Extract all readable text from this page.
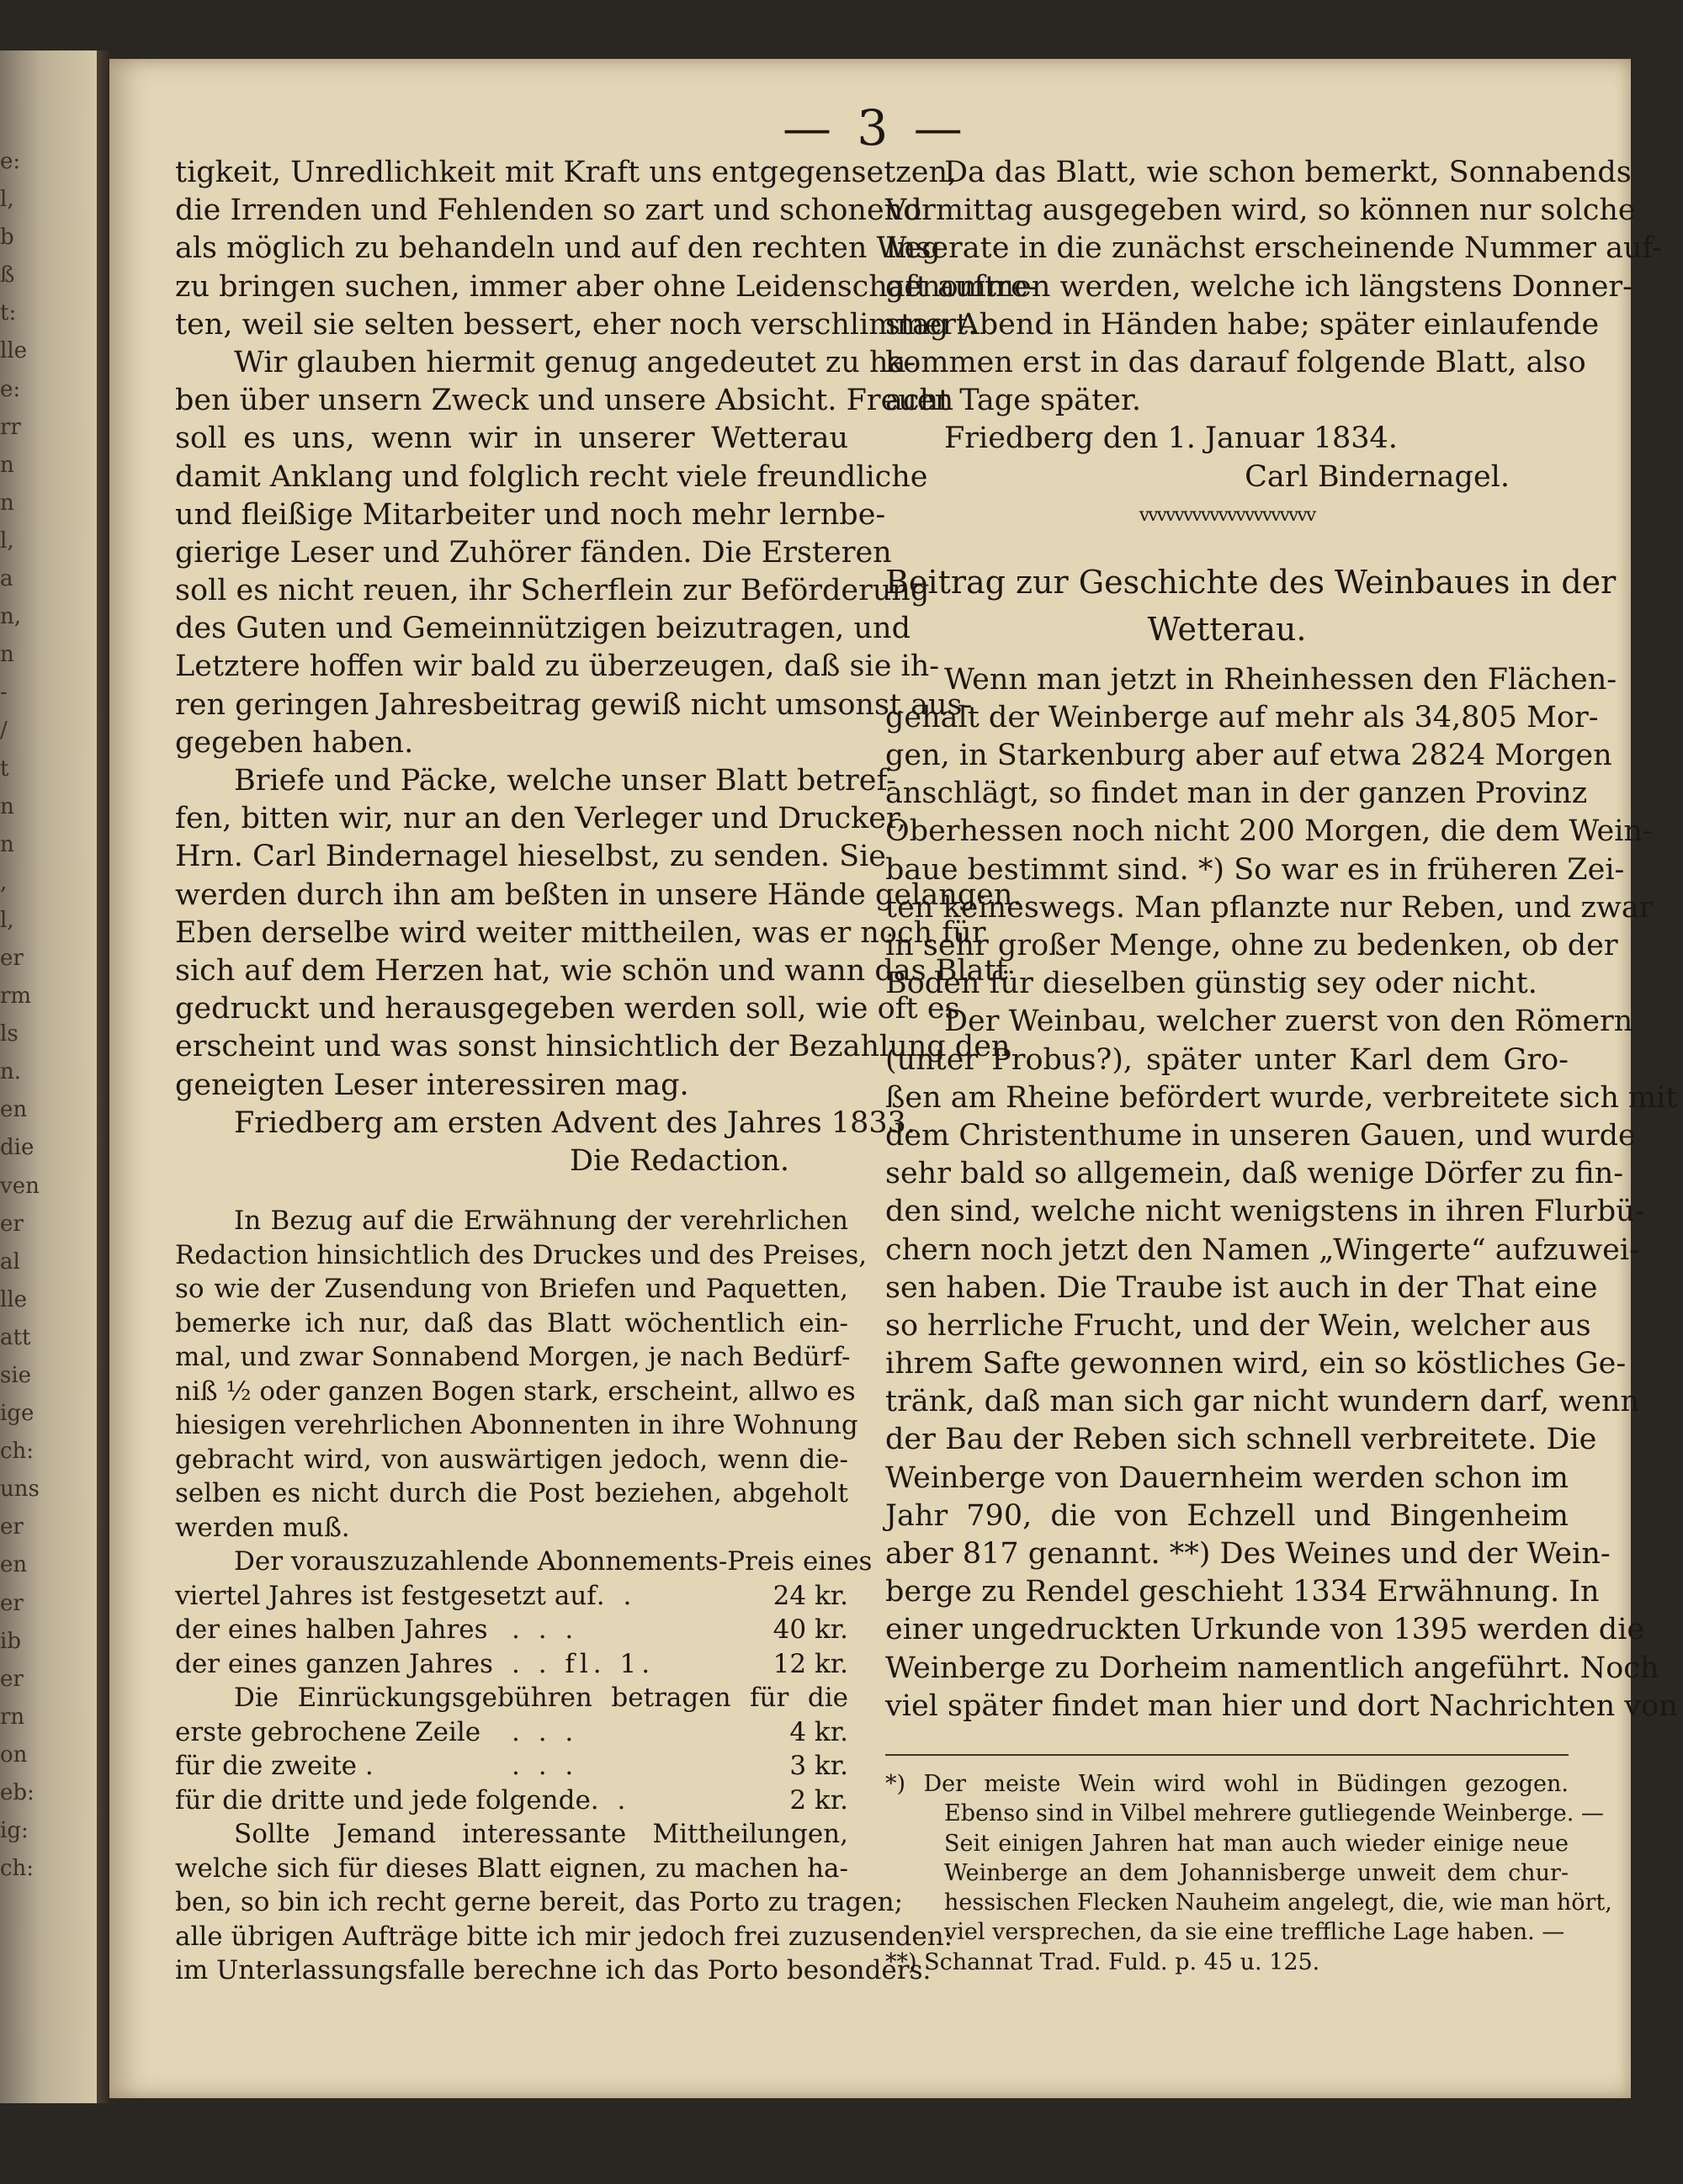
e:
l,
b
ß
t:
lle
e:
rr
n
n
l,
a
n,
n
-
/
t
n
n
,
l,
er
rm
ls
n.
en
die
ven
er
al
lle
att
sie
ige
ch:
uns
er
en
er
ib
er
rn
on
eb:
ig:
ch:
— 3 —
tigkeit, Unredlichkeit mit Kraft uns entgegensetzen,
die Irrenden und Fehlenden so zart und schonend
als möglich zu behandeln und auf den rechten Weg
zu bringen suchen, immer aber ohne Leidenschaft auftre-
ten, weil sie selten bessert, eher noch verschlimmert.
Wir glauben hiermit genug angedeutet zu ha-
ben über unsern Zweck und unsere Absicht. Freuen
soll es uns, wenn wir in unserer Wetterau
damit Anklang und folglich recht viele freundliche
und fleißige Mitarbeiter und noch mehr lernbe-
gierige Leser und Zuhörer fänden. Die Ersteren
soll es nicht reuen, ihr Scherflein zur Beförderung
des Guten und Gemeinnützigen beizutragen, und
Letztere hoffen wir bald zu überzeugen, daß sie ih-
ren geringen Jahresbeitrag gewiß nicht umsonst aus-
gegeben haben.
Briefe und Päcke, welche unser Blatt betref-
fen, bitten wir, nur an den Verleger und Drucker,
Hrn. Carl Bindernagel hieselbst, zu senden. Sie
werden durch ihn am beßten in unsere Hände gelangen.
Eben derselbe wird weiter mittheilen, was er noch für
sich auf dem Herzen hat, wie schön und wann das Blatt
gedruckt und herausgegeben werden soll, wie oft es
erscheint und was sonst hinsichtlich der Bezahlung den
geneigten Leser interessiren mag.
Friedberg am ersten Advent des Jahres 1833.
Die Redaction.
In Bezug auf die Erwähnung der verehrlichen
Redaction hinsichtlich des Druckes und des Preises,
so wie der Zusendung von Briefen und Paquetten,
bemerke ich nur, daß das Blatt wöchentlich ein-
mal, und zwar Sonnabend Morgen, je nach Bedürf-
niß ½ oder ganzen Bogen stark, erscheint, allwo es
hiesigen verehrlichen Abonnenten in ihre Wohnung
gebracht wird, von auswärtigen jedoch, wenn die-
selben es nicht durch die Post beziehen, abgeholt
werden muß.
Der vorauszuzahlende Abonnements-Preis eines
viertel Jahres ist festgesetzt auf . .	24 kr.
der eines halben Jahres . . .	40 kr.
der eines ganzen Jahres . . fl. 1.	12 kr.
Die Einrückungsgebühren betragen für die
erste gebrochene Zeile	. . .	4 kr.
für die zweite .	. . .	3 kr.
für die dritte und jede folgende . .	2 kr.
Sollte Jemand interessante Mittheilungen,
welche sich für dieses Blatt eignen, zu machen ha-
ben, so bin ich recht gerne bereit, das Porto zu tragen;
alle übrigen Aufträge bitte ich mir jedoch frei zuzusenden:
im Unterlassungsfalle berechne ich das Porto besonders.
Da das Blatt, wie schon bemerkt, Sonnabends
Vormittag ausgegeben wird, so können nur solche
Inserate in die zunächst erscheinende Nummer auf-
genommen werden, welche ich längstens Donner-
stag Abend in Händen habe; später einlaufende
kommen erst in das darauf folgende Blatt, also
acht Tage später.
Friedberg den 1. Januar 1834.
Carl Bindernagel.
vvvvvvvvvvvvvvvvvvvv
Beitrag zur Geschichte des Weinbaues in der
Wetterau.
Wenn man jetzt in Rheinhessen den Flächen-
gehalt der Weinberge auf mehr als 34,805 Mor-
gen, in Starkenburg aber auf etwa 2824 Morgen
anschlägt, so findet man in der ganzen Provinz
Oberhessen noch nicht 200 Morgen, die dem Wein-
baue bestimmt sind. *) So war es in früheren Zei-
ten keineswegs. Man pflanzte nur Reben, und zwar
in sehr großer Menge, ohne zu bedenken, ob der
Boden für dieselben günstig sey oder nicht.
Der Weinbau, welcher zuerst von den Römern
(unter Probus?), später unter Karl dem Gro-
ßen am Rheine befördert wurde, verbreitete sich mit
dem Christenthume in unseren Gauen, und wurde
sehr bald so allgemein, daß wenige Dörfer zu fin-
den sind, welche nicht wenigstens in ihren Flurbü-
chern noch jetzt den Namen „Wingerte“ aufzuwei-
sen haben. Die Traube ist auch in der That eine
so herrliche Frucht, und der Wein, welcher aus
ihrem Safte gewonnen wird, ein so köstliches Ge-
tränk, daß man sich gar nicht wundern darf, wenn
der Bau der Reben sich schnell verbreitete. Die
Weinberge von Dauernheim werden schon im
Jahr 790, die von Echzell und Bingenheim
aber 817 genannt. **) Des Weines und der Wein-
berge zu Rendel geschieht 1334 Erwähnung. In
einer ungedruckten Urkunde von 1395 werden die
Weinberge zu Dorheim namentlich angeführt. Noch
viel später findet man hier und dort Nachrichten von
*) Der meiste Wein wird wohl in Büdingen gezogen.
Ebenso sind in Vilbel mehrere gutliegende Weinberge. —
Seit einigen Jahren hat man auch wieder einige neue
Weinberge an dem Johannisberge unweit dem chur-
hessischen Flecken Nauheim angelegt, die, wie man hört,
viel versprechen, da sie eine treffliche Lage haben. —
**) Schannat Trad. Fuld. p. 45 u. 125.
